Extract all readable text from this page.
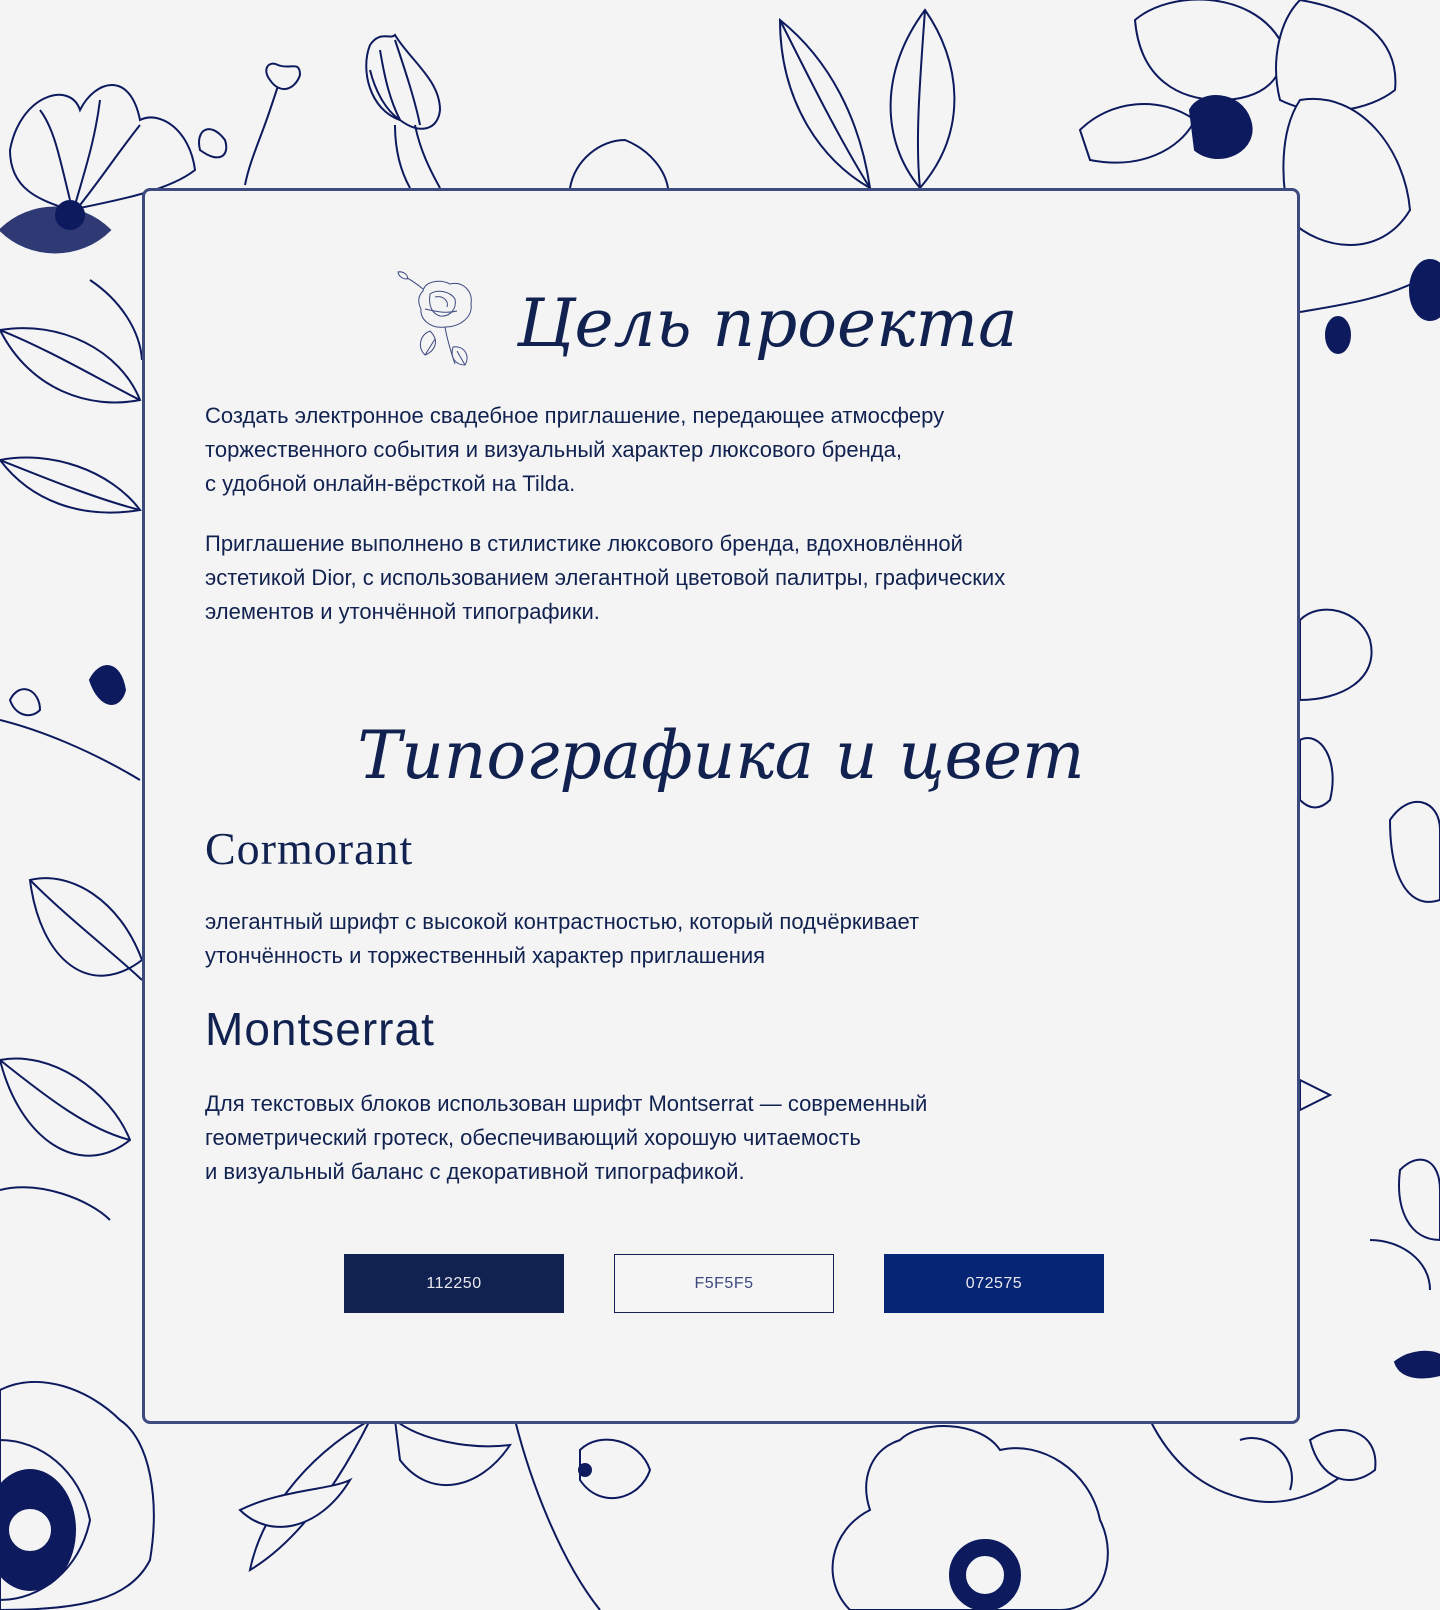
Цель проекта

Создать электронное свадебное приглашение, передающее атмосферу
торжественного события и визуальный характер люксового бренда,
с удобной онлайн-вёрсткой на Tilda.

Приглашение выполнено в стилистике люксового бренда, вдохновлённой
эстетикой Dior, с использованием элегантной цветовой палитры, графических
элементов и утончённой типографики.

Типографика и цвет
Cormorant

элегантный шрифт с высокой контрастностью, который подчёркивает
утончённость и торжественный характер приглашения

Montserrat

Для текстовых блоков использован шрифт Montserrat — современный
геометрический гротеск, обеспечивающий хорошую читаемость
и визуальный баланс с декоративной типографикой.

112250	F5F5F5	072575
